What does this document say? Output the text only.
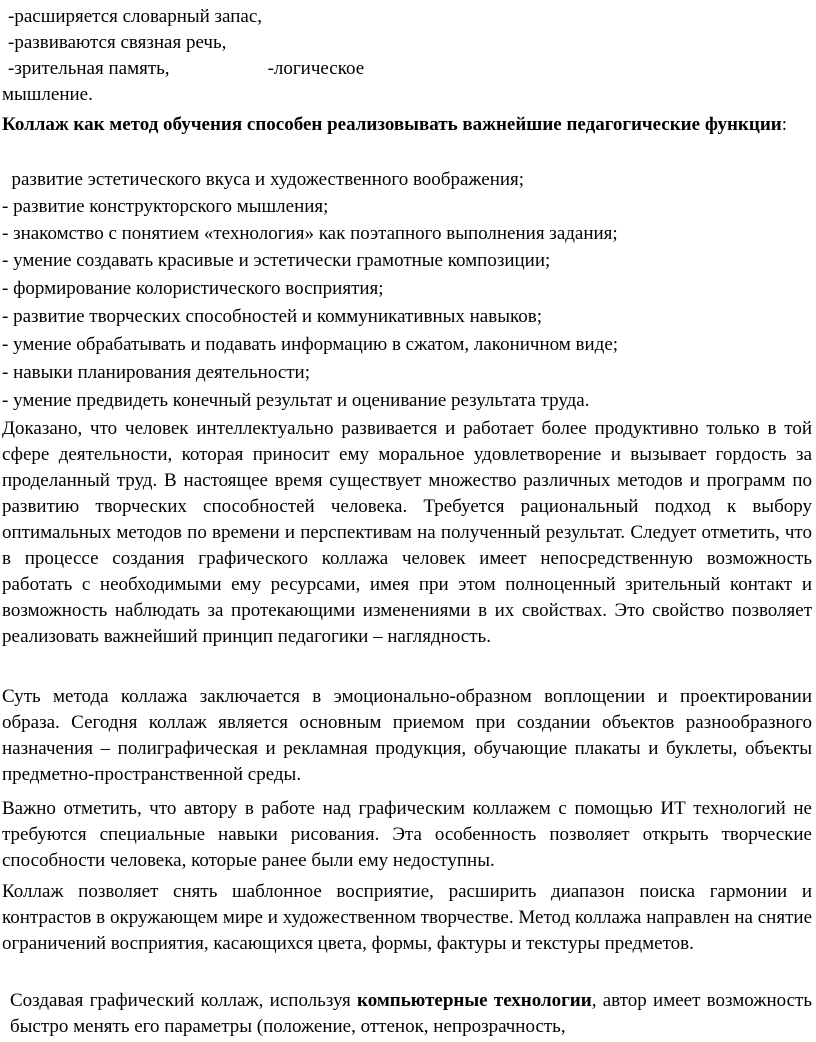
-расширяется словарный запас,
-развиваются связная речь,
-зрительная память,	-логическое
мышление.
Коллаж как метод обучения способен реализовывать важнейшие педагогические функции:
развитие эстетического вкуса и художественного воображения;
- развитие конструкторского мышления;
- знакомство с понятием «технология» как поэтапного выполнения задания;
- умение создавать красивые и эстетически грамотные композиции;
- формирование колористического восприятия;
- развитие творческих способностей и коммуникативных навыков;
- умение обрабатывать и подавать информацию в сжатом, лаконичном виде;
- навыки планирования деятельности;
- умение предвидеть конечный результат и оценивание результата труда.
Доказано, что человек интеллектуально развивается и работает более продуктивно только в той сфере деятельности, которая приносит ему моральное удовлетворение и вызывает гордость за проделанный труд. В настоящее время существует множество различных методов и программ по развитию творческих способностей человека. Требуется рациональный подход к выбору оптимальных методов по времени и перспективам на полученный результат. Следует отметить, что в процессе создания графического коллажа человек имеет непосредственную возможность работать с необходимыми ему ресурсами, имея при этом полноценный зрительный контакт и возможность наблюдать за протекающими изменениями в их свойствах. Это свойство позволяет реализовать важнейший принцип педагогики – наглядность.
Суть метода коллажа заключается в эмоционально-образном воплощении и проектировании образа. Сегодня коллаж является основным приемом при создании объектов разнообразного назначения – полиграфическая и рекламная продукция, обучающие плакаты и буклеты, объекты предметно-пространственной среды.
Важно отметить, что автору в работе над графическим коллажем с помощью ИТ технологий не требуются специальные навыки рисования. Эта особенность позволяет открыть творческие способности человека, которые ранее были ему недоступны.
Коллаж позволяет снять шаблонное восприятие, расширить диапазон поиска гармонии и контрастов в окружающем мире и художественном творчестве. Метод коллажа направлен на снятие ограничений восприятия, касающихся цвета, формы, фактуры и текстуры предметов.
Создавая графический коллаж, используя компьютерные технологии, автор имеет возможность быстро менять его параметры (положение, оттенок, непрозрачность,
